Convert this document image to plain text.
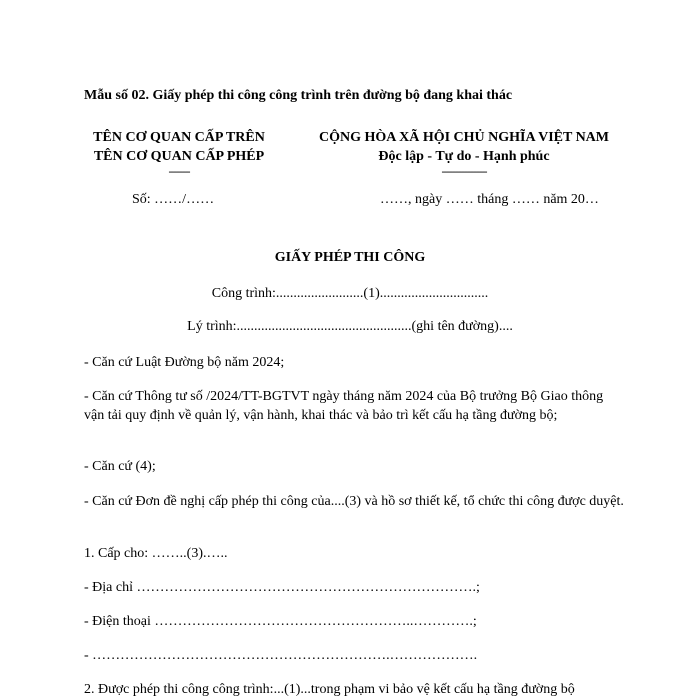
Mẫu số 02. Giấy phép thi công công trình trên đường bộ đang khai thác
TÊN CƠ QUAN CẤP TRÊN
TÊN CƠ QUAN CẤP PHÉP
-------
CỘNG HÒA XÃ HỘI CHỦ NGHĨA VIỆT NAM
Độc lập - Tự do - Hạnh phúc
---------------
Số: ……/……	……, ngày …… tháng …… năm 20…
GIẤY PHÉP THI CÔNG
Công trình:.........................(1)...............................
Lý trình:..................................................(ghi tên đường)....
- Căn cứ Luật Đường bộ năm 2024;
- Căn cứ Thông tư số /2024/TT-BGTVT ngày tháng năm 2024 của Bộ trưởng Bộ Giao thông vận tải quy định về quản lý, vận hành, khai thác và bảo trì kết cấu hạ tầng đường bộ;
- Căn cứ (4);
- Căn cứ Đơn đề nghị cấp phép thi công của....(3) và hồ sơ thiết kế, tổ chức thi công được duyệt.
1. Cấp cho: ……..(3).…..
- Địa chỉ ……………………………………………………………….;
- Điện thoại ………………………………………………..………….;
- ……………………………………………………….……………….
2. Được phép thi công công trình:...(1)...trong phạm vi bảo vệ kết cấu hạ tầng đường bộ
